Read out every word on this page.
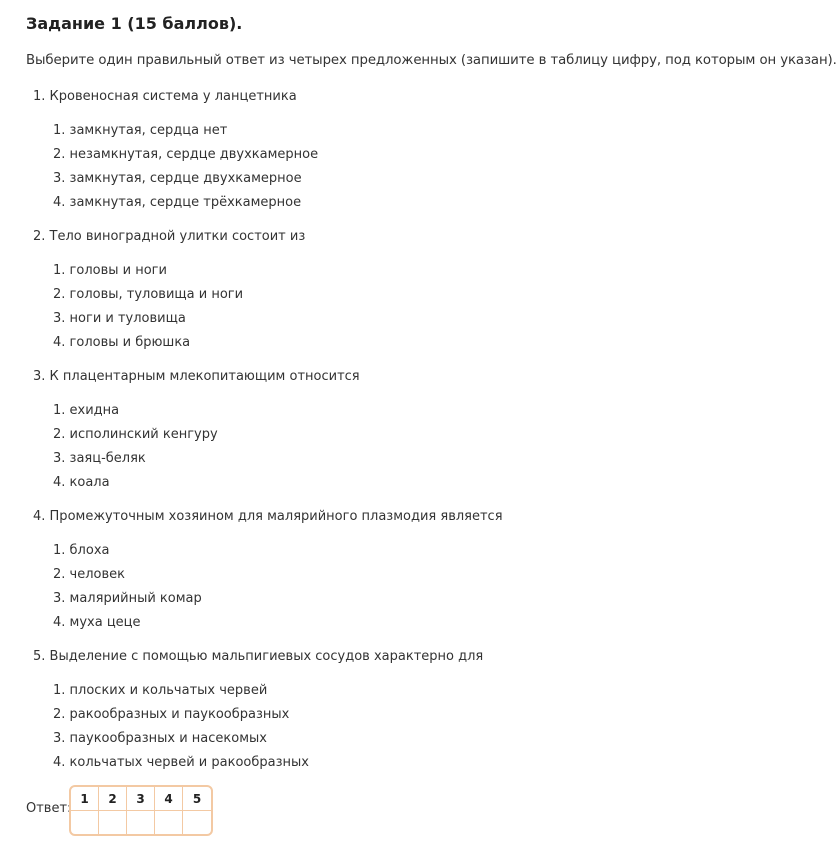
Задание 1 (15 баллов).
Выберите один правильный ответ из четырех предложенных (запишите в таблицу цифру, под которым он указан).
1. Кровеносная система у ланцетника
1. замкнутая, сердца нет
2. незамкнутая, сердце двухкамерное
3. замкнутая, сердце двухкамерное
4. замкнутая, сердце трёхкамерное
2. Тело виноградной улитки состоит из
1. головы и ноги
2. головы, туловища и ноги
3. ноги и туловища
4. головы и брюшка
3. К плацентарным млекопитающим относится
1. ехидна
2. исполинский кенгуру
3. заяц-беляк
4. коала
4. Промежуточным хозяином для малярийного плазмодия является
1. блоха
2. человек
3. малярийный комар
4. муха цеце
5. Выделение с помощью мальпигиевых сосудов характерно для
1. плоских и кольчатых червей
2. ракообразных и паукообразных
3. паукообразных и насекомых
4. кольчатых червей и ракообразных
Ответ:
1	2	3	4	5
